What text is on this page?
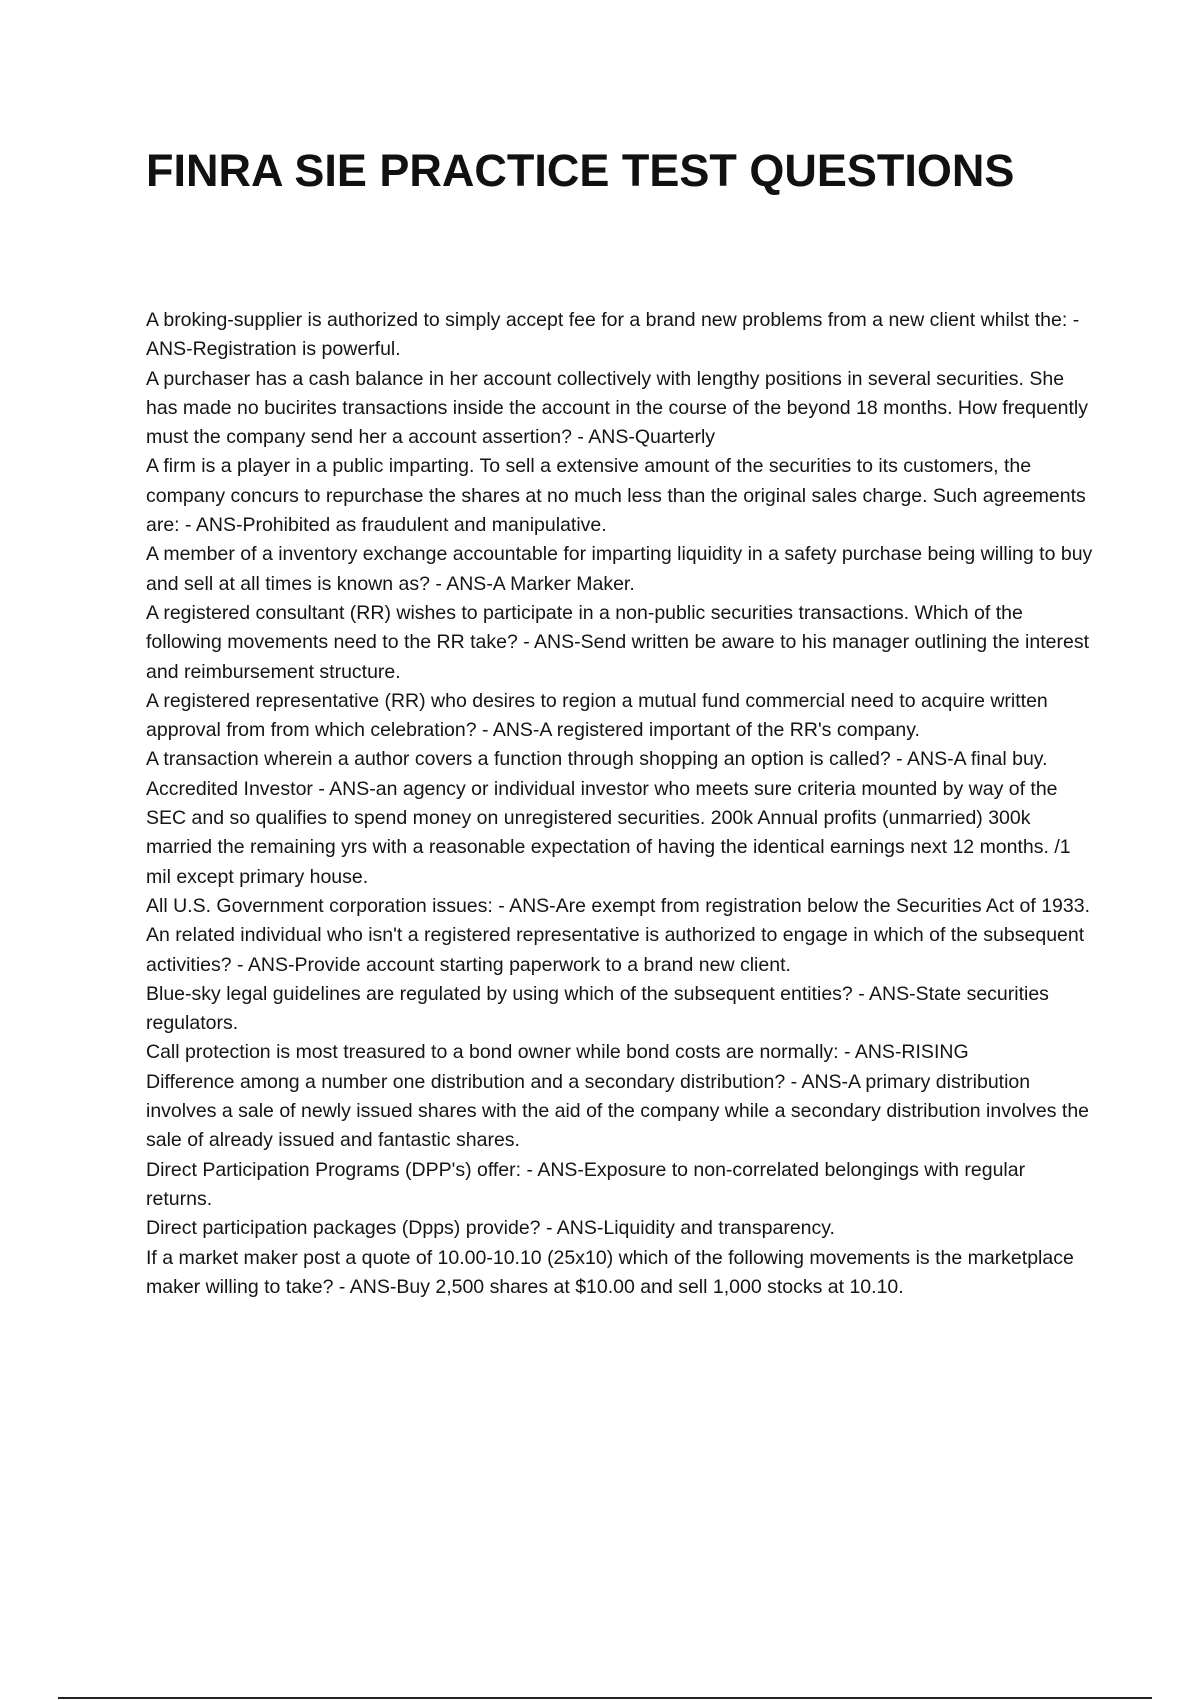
FINRA SIE PRACTICE TEST QUESTIONS
A broking-supplier is authorized to simply accept fee for a brand new problems from a new client whilst the: - ANS-Registration is powerful.
A purchaser has a cash balance in her account collectively with lengthy positions in several securities. She has made no bucirites transactions inside the account in the course of the beyond 18 months. How frequently must the company send her a account assertion? - ANS-Quarterly
A firm is a player in a public imparting. To sell a extensive amount of the securities to its customers, the company concurs to repurchase the shares at no much less than the original sales charge. Such agreements are: - ANS-Prohibited as fraudulent and manipulative.
A member of a inventory exchange accountable for imparting liquidity in a safety purchase being willing to buy and sell at all times is known as? - ANS-A Marker Maker.
A registered consultant (RR) wishes to participate in a non-public securities transactions. Which of the following movements need to the RR take? - ANS-Send written be aware to his manager outlining the interest and reimbursement structure.
A registered representative (RR) who desires to region a mutual fund commercial need to acquire written approval from from which celebration? - ANS-A registered important of the RR's company.
A transaction wherein a author covers a function through shopping an option is called? - ANS-A final buy.
Accredited Investor - ANS-an agency or individual investor who meets sure criteria mounted by way of the SEC and so qualifies to spend money on unregistered securities. 200k Annual profits (unmarried) 300k married the remaining yrs with a reasonable expectation of having the identical earnings next 12 months. /1 mil except primary house.
All U.S. Government corporation issues: - ANS-Are exempt from registration below the Securities Act of 1933.
An related individual who isn't a registered representative is authorized to engage in which of the subsequent activities? - ANS-Provide account starting paperwork to a brand new client.
Blue-sky legal guidelines are regulated by using which of the subsequent entities? - ANS-State securities regulators.
Call protection is most treasured to a bond owner while bond costs are normally: - ANS-RISING
Difference among a number one distribution and a secondary distribution? - ANS-A primary distribution involves a sale of newly issued shares with the aid of the company while a secondary distribution involves the sale of already issued and fantastic shares.
Direct Participation Programs (DPP's) offer: - ANS-Exposure to non-correlated belongings with regular returns.
Direct participation packages (Dpps) provide? - ANS-Liquidity and transparency.
If a market maker post a quote of 10.00-10.10 (25x10) which of the following movements is the marketplace maker willing to take? - ANS-Buy 2,500 shares at $10.00 and sell 1,000 stocks at 10.10.
